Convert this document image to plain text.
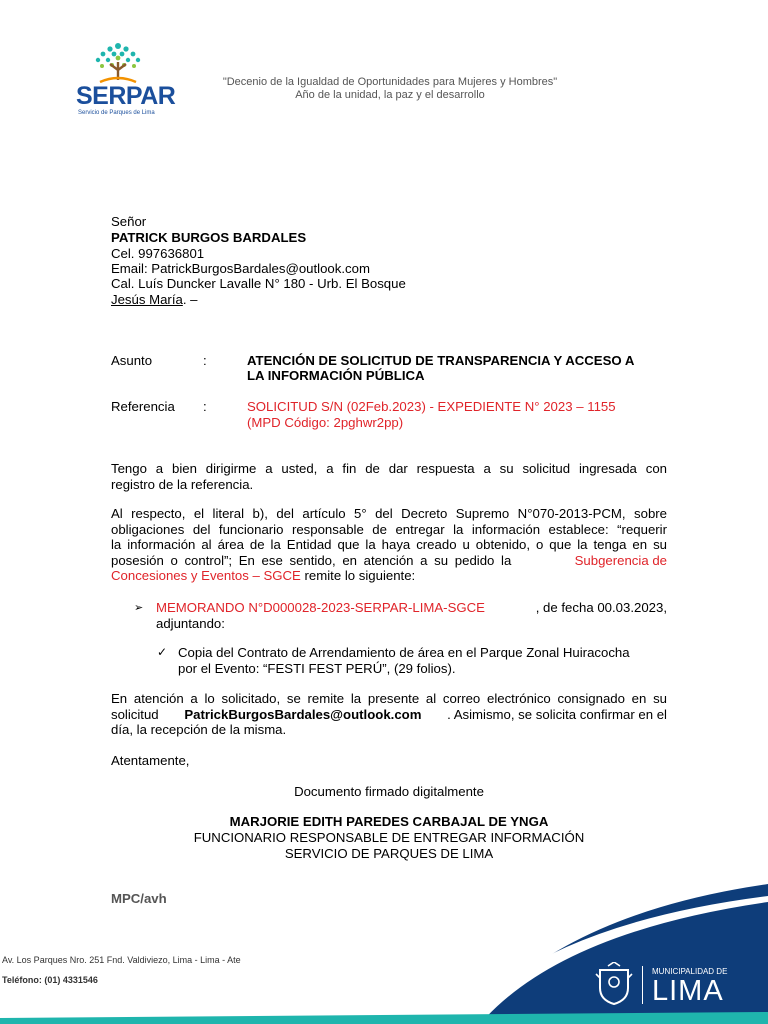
SERPAR
Servicio de Parques de Lima
"Decenio de la Igualdad de Oportunidades para Mujeres y Hombres"
Año de la unidad, la paz y el desarrollo
Señor
PATRICK BURGOS BARDALES
Cel. 997636801
Email: PatrickBurgosBardales@outlook.com
Cal. Luís Duncker Lavalle N° 180 - Urb. El Bosque
Jesús María. –
Asunto	:	ATENCIÓN DE SOLICITUD DE TRANSPARENCIA Y ACCESO A
LA INFORMACIÓN PÚBLICA
Referencia :	SOLICITUD S/N (02Feb.2023) - EXPEDIENTE N° 2023 – 1155
(MPD Código: 2pghwr2pp)
Tengo a bien dirigirme a usted, a fin de dar respuesta a su solicitud ingresada con
registro de la referencia.
Al respecto, el literal b), del artículo 5° del Decreto Supremo N°070-2013-PCM, sobre
obligaciones del funcionario responsable de entregar la información establece: “requerir
la información al área de la Entidad que la haya creado u obtenido, o que la tenga en su
posesión o control”; En ese sentido, en atención a su pedido la	Subgerencia de
Concesiones y Eventos – SGCE remite lo siguiente:
➢ MEMORANDO N°D000028-2023-SERPAR-LIMA-SGCE	, de fecha 00.03.2023,
adjuntando:
✓ Copia del Contrato de Arrendamiento de área en el Parque Zonal Huiracocha
por el Evento: “FESTI FEST PERÚ”, (29 folios).
En atención a lo solicitado, se remite la presente al correo electrónico consignado en su
solicitud PatrickBurgosBardales@outlook.com . Asimismo, se solicita confirmar en el
día, la recepción de la misma.
Atentamente,
Documento firmado digitalmente
MARJORIE EDITH PAREDES CARBAJAL DE YNGA
FUNCIONARIO RESPONSABLE DE ENTREGAR INFORMACIÓN
SERVICIO DE PARQUES DE LIMA
MPC/avh
Av. Los Parques Nro. 251 Fnd. Valdiviezo, Lima - Lima - Ate
Teléfono: (01) 4331546
MUNICIPALIDAD DE
LIMA
